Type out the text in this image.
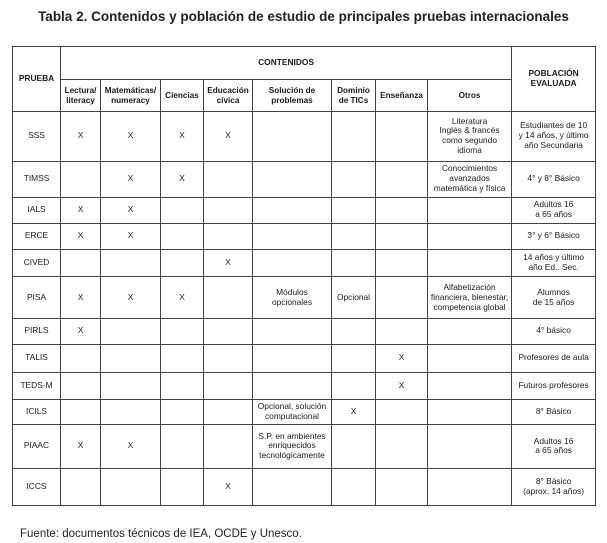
Tabla 2. Contenidos y población de estudio de principales pruebas internacionales
PRUEBA	CONTENIDOS								POBLACIÓN
EVALUADA
	Lectura/
literacy	Matemáticas/
numeracy	Ciencias	Educación
cívica	Solución de
problemas	Dominio
de TICs	Enseñanza	Otros	
SSS	X	X	X	X				Literatura
Inglés & francés
como segundo
idioma	Estudiantes de 10
y 14 años, y último
año Secundaria
TIMSS		X	X					Conocimientos
avanzados
matemática y física	4° y 8° Básico
IALS	X	X							Adultos 16
a 65 años
ERCE	X	X							3° y 6° Básico
CIVED				X					14 años y último
año Ed.. Sec.
PISA	X	X	X		Módulos
opcionales	Opcional		Alfabetización
financiera, bienestar,
competencia global	Alumnos
de 15 años
PIRLS	X								4° básico
TALIS							X		Profesores de aula
TEDS-M							X		Futuros profesores
ICILS					Opcional, solución
computacional	X			8° Básico
PIAAC	X	X			S.P. en ambientes
enriquecidos
tecnológicamente				Adultos 16
a 65 años
ICCS				X					8° Básico
(aprox. 14 años)
Fuente: documentos técnicos de IEA, OCDE y Unesco.
